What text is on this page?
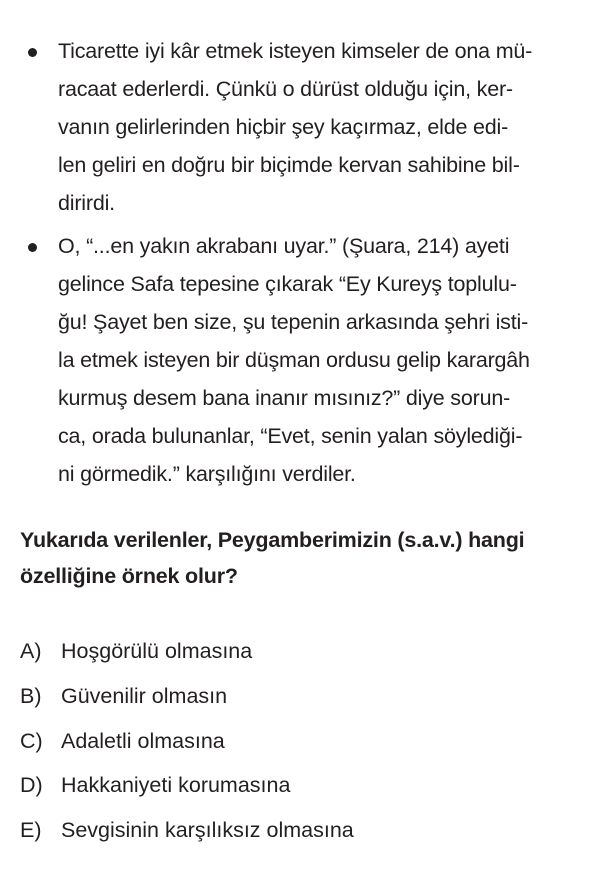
Ticarette iyi kâr etmek isteyen kimseler de ona mü-
racaat ederlerdi. Çünkü o dürüst olduğu için, ker-
vanın gelirlerinden hiçbir şey kaçırmaz, elde edi-
len geliri en doğru bir biçimde kervan sahibine bil-
dirirdi.
O, “...en yakın akrabanı uyar.” (Şuara, 214) ayeti
gelince Safa tepesine çıkarak “Ey Kureyş toplulu-
ğu! Şayet ben size, şu tepenin arkasında şehri isti-
la etmek isteyen bir düşman ordusu gelip karargâh
kurmuş desem bana inanır mısınız?” diye sorun-
ca, orada bulunanlar, “Evet, senin yalan söylediği-
ni görmedik.” karşılığını verdiler.
Yukarıda verilenler, Peygamberimizin (s.a.v.) hangi
özelliğine örnek olur?
A) Hoşgörülü olmasına
B) Güvenilir olmasın
C) Adaletli olmasına
D) Hakkaniyeti korumasına
E) Sevgisinin karşılıksız olmasına
